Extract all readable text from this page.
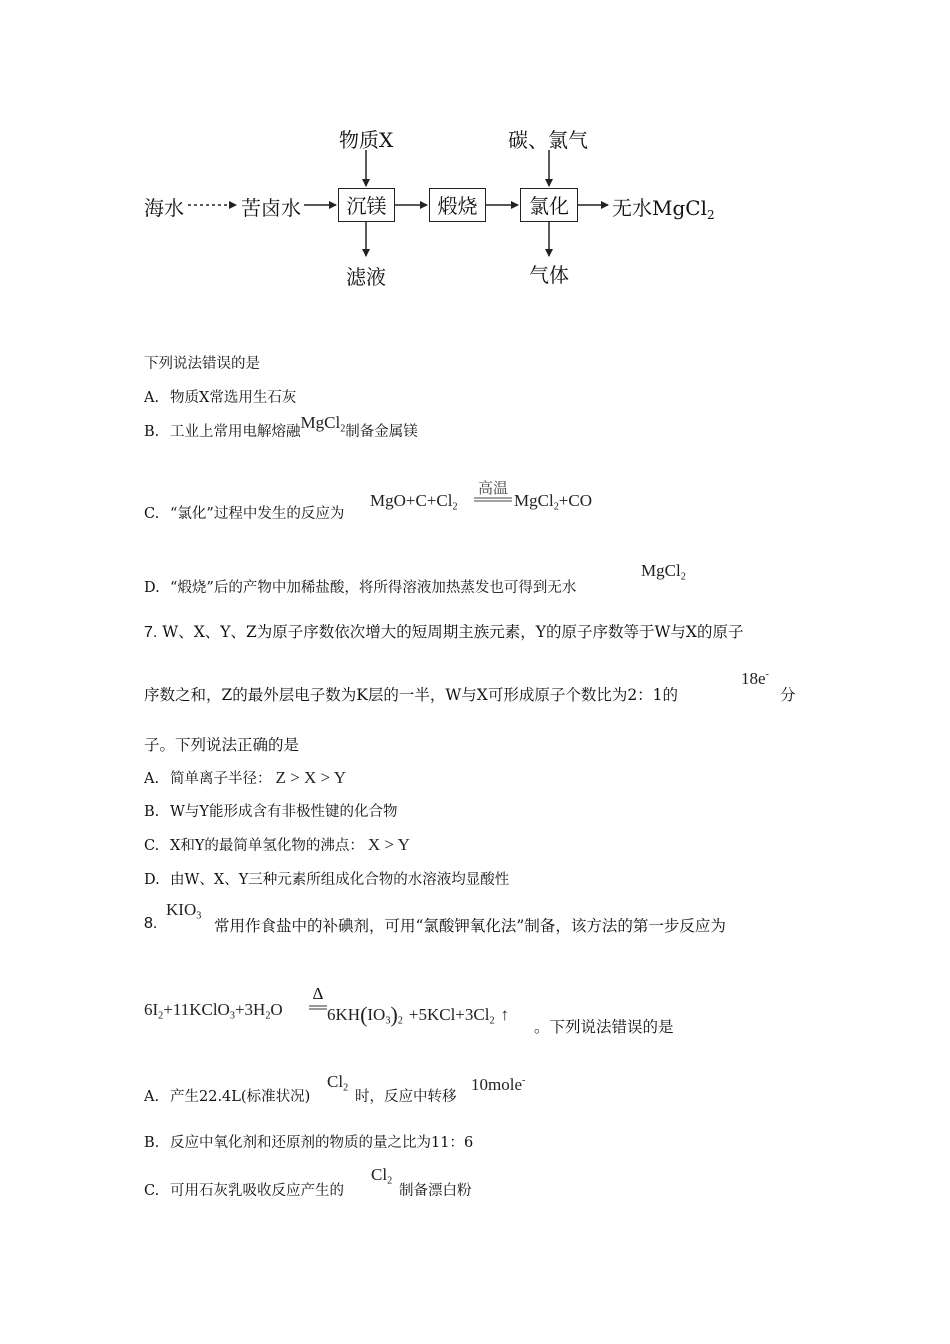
海水	苦卤水	沉镁	煅烧	氯化	无水MgCl$_2$
物质X	碳、氯气
滤液	气体
下列说法错误的是
A. 物质X常选用生石灰
B. 工业上常用电解熔融MgCl$_2$制备金属镁
C. “氯化”过程中发生的反应为
$MgO+C+Cl_2$
高温
MgCl$_2$+CO
D. “煅烧”后的产物中加稀盐酸，将所得溶液加热蒸发也可得到无水
MgCl$_2$
7. W、X、Y、Z为原子序数依次增大的短周期主族元素，Y的原子序数等于W与X的原子
序数之和，Z的最外层电子数为K层的一半，W与X可形成原子个数比为2：1的
18e-
分
子。下列说法正确的是
A. 简单离子半径： Z > X > Y
B. W与Y能形成含有非极性键的化合物
C. X和Y的最简单氢化物的沸点： X > Y
D. 由W、X、Y三种元素所组成化合物的水溶液均显酸性
8.
$KIO_3$
常用作食盐中的补碘剂，可用“氯酸钾氧化法”制备，该方法的第一步反应为
$6I_2+11KClO_3+3H_2O$
Δ
$6KH(IO_3)_2 +5KCl+3Cl_2$ ↑
。下列说法错误的是
A. 产生22.4L(标准状况)
$Cl_2$
时，反应中转移
10mole-
B. 反应中氧化剂和还原剂的物质的量之比为11：6
C. 可用石灰乳吸收反应产生的
$Cl_2$
制备漂白粉
